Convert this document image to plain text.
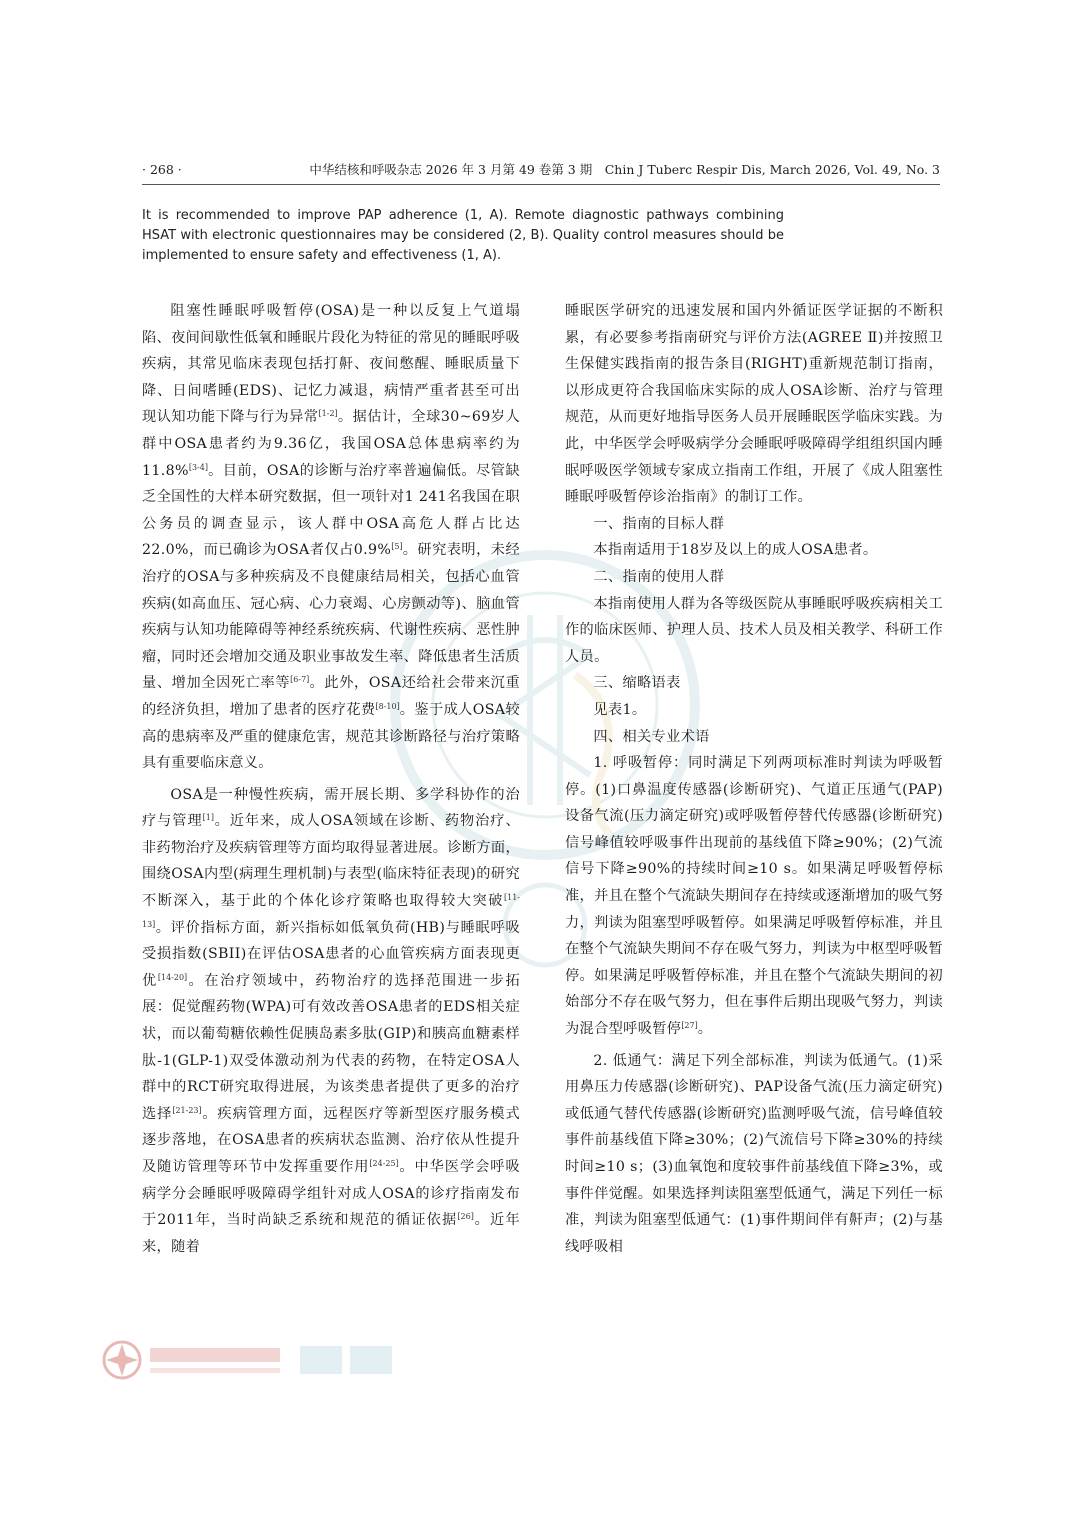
· 268 ·	中华结核和呼吸杂志 2026 年 3 月第 49 卷第 3 期　Chin J Tuberc Respir Dis, March 2026, Vol. 49, No. 3
It is recommended to improve PAP adherence (1, A). Remote diagnostic pathways combining HSAT with electronic questionnaires may be considered (2, B). Quality control measures should be implemented to ensure safety and effectiveness (1, A).

阻塞性睡眠呼吸暂停(OSA)是一种以反复上气道塌陷、夜间间歇性低氧和睡眠片段化为特征的常见的睡眠呼吸疾病，其常见临床表现包括打鼾、夜间憋醒、睡眠质量下降、日间嗜睡(EDS)、记忆力减退，病情严重者甚至可出现认知功能下降与行为异常[1-2]。据估计，全球30~69岁人群中OSA患者约为9.36亿，我国OSA总体患病率约为11.8%[3-4]。目前，OSA的诊断与治疗率普遍偏低。尽管缺乏全国性的大样本研究数据，但一项针对1 241名我国在职公务员的调查显示，该人群中OSA高危人群占比达22.0%，而已确诊为OSA者仅占0.9%[5]。研究表明，未经治疗的OSA与多种疾病及不良健康结局相关，包括心血管疾病(如高血压、冠心病、心力衰竭、心房颤动等)、脑血管疾病与认知功能障碍等神经系统疾病、代谢性疾病、恶性肿瘤，同时还会增加交通及职业事故发生率、降低患者生活质量、增加全因死亡率等[6-7]。此外，OSA还给社会带来沉重的经济负担，增加了患者的医疗花费[8-10]。鉴于成人OSA较高的患病率及严重的健康危害，规范其诊断路径与治疗策略具有重要临床意义。

OSA是一种慢性疾病，需开展长期、多学科协作的治疗与管理[1]。近年来，成人OSA领域在诊断、药物治疗、非药物治疗及疾病管理等方面均取得显著进展。诊断方面，围绕OSA内型(病理生理机制)与表型(临床特征表现)的研究不断深入，基于此的个体化诊疗策略也取得较大突破[11-13]。评价指标方面，新兴指标如低氧负荷(HB)与睡眠呼吸受损指数(SBII)在评估OSA患者的心血管疾病方面表现更优[14-20]。在治疗领域中，药物治疗的选择范围进一步拓展：促觉醒药物(WPA)可有效改善OSA患者的EDS相关症状，而以葡萄糖依赖性促胰岛素多肽(GIP)和胰高血糖素样肽-1(GLP-1)双受体激动剂为代表的药物，在特定OSA人群中的RCT研究取得进展，为该类患者提供了更多的治疗选择[21-23]。疾病管理方面，远程医疗等新型医疗服务模式逐步落地，在OSA患者的疾病状态监测、治疗依从性提升及随访管理等环节中发挥重要作用[24-25]。中华医学会呼吸病学分会睡眠呼吸障碍学组针对成人OSA的诊疗指南发布于2011年，当时尚缺乏系统和规范的循证依据[26]。近年来，随着

睡眠医学研究的迅速发展和国内外循证医学证据的不断积累，有必要参考指南研究与评价方法(AGREE Ⅱ)并按照卫生保健实践指南的报告条目(RIGHT)重新规范制订指南，以形成更符合我国临床实际的成人OSA诊断、治疗与管理规范，从而更好地指导医务人员开展睡眠医学临床实践。为此，中华医学会呼吸病学分会睡眠呼吸障碍学组组织国内睡眠呼吸医学领域专家成立指南工作组，开展了《成人阻塞性睡眠呼吸暂停诊治指南》的制订工作。

一、指南的目标人群

本指南适用于18岁及以上的成人OSA患者。

二、指南的使用人群

本指南使用人群为各等级医院从事睡眠呼吸疾病相关工作的临床医师、护理人员、技术人员及相关教学、科研工作人员。

三、缩略语表

见表1。

四、相关专业术语

1. 呼吸暂停：同时满足下列两项标准时判读为呼吸暂停。(1)口鼻温度传感器(诊断研究)、气道正压通气(PAP)设备气流(压力滴定研究)或呼吸暂停替代传感器(诊断研究)信号峰值较呼吸事件出现前的基线值下降≥90%；(2)气流信号下降≥90%的持续时间≥10 s。如果满足呼吸暂停标准，并且在整个气流缺失期间存在持续或逐渐增加的吸气努力，判读为阻塞型呼吸暂停。如果满足呼吸暂停标准，并且在整个气流缺失期间不存在吸气努力，判读为中枢型呼吸暂停。如果满足呼吸暂停标准，并且在整个气流缺失期间的初始部分不存在吸气努力，但在事件后期出现吸气努力，判读为混合型呼吸暂停[27]。

2. 低通气：满足下列全部标准，判读为低通气。(1)采用鼻压力传感器(诊断研究)、PAP设备气流(压力滴定研究)或低通气替代传感器(诊断研究)监测呼吸气流，信号峰值较事件前基线值下降≥30%；(2)气流信号下降≥30%的持续时间≥10 s；(3)血氧饱和度较事件前基线值下降≥3%，或事件伴觉醒。如果选择判读阻塞型低通气，满足下列任一标准，判读为阻塞型低通气：(1)事件期间伴有鼾声；(2)与基线呼吸相
